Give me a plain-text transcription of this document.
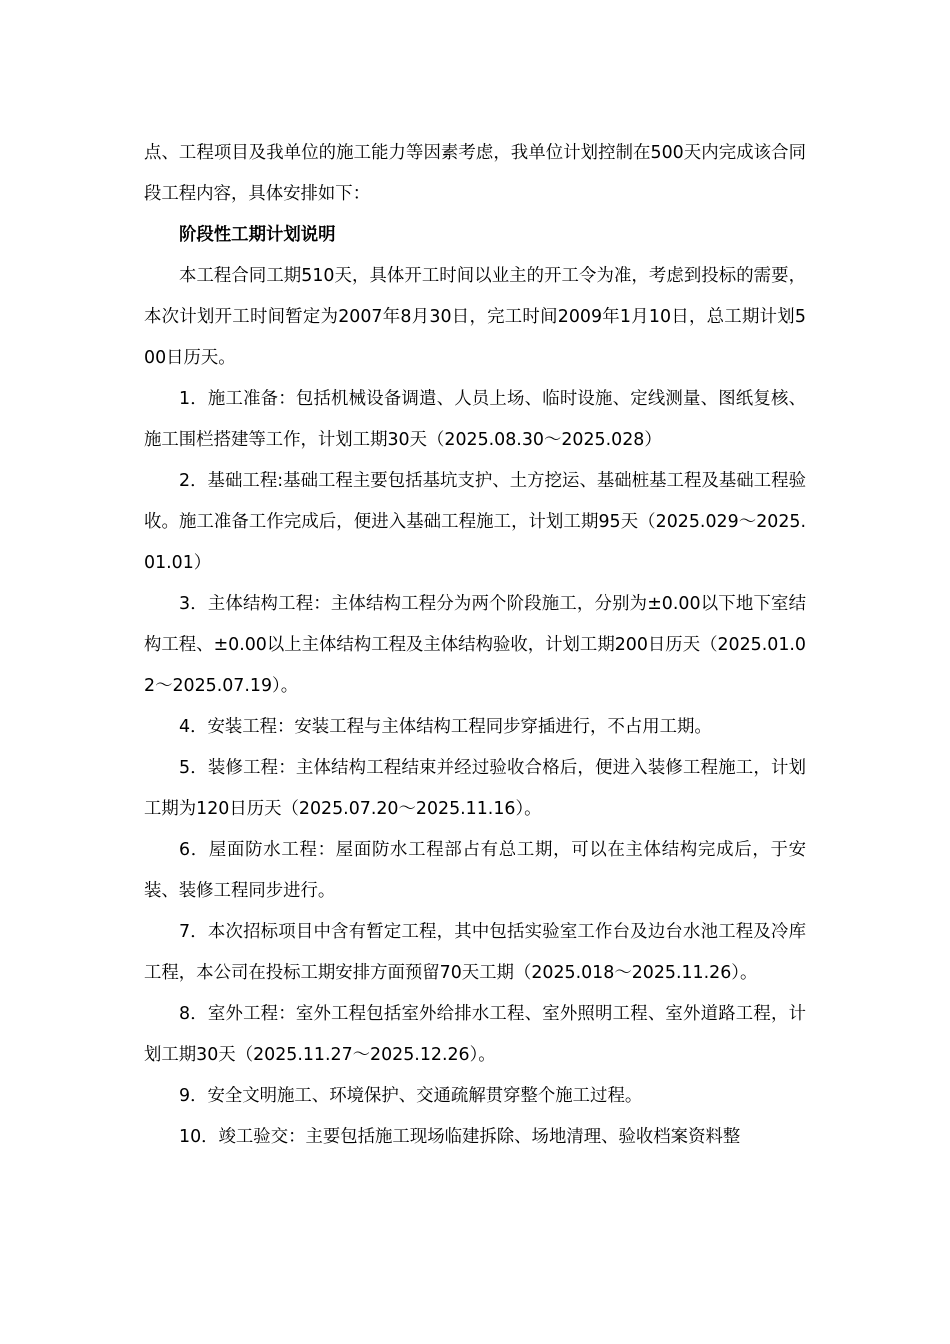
点、工程项目及我单位的施工能力等因素考虑，我单位计划控制在500天内完成该合同段工程内容，具体安排如下：

阶段性工期计划说明

本工程合同工期510天，具体开工时间以业主的开工令为准，考虑到投标的需要，本次计划开工时间暂定为2007年8月30日，完工时间2009年1月10日，总工期计划500日历天。

1．施工准备：包括机械设备调遣、人员上场、临时设施、定线测量、图纸复核、施工围栏搭建等工作，计划工期30天（2025.08.30～2025.028）

2．基础工程:基础工程主要包括基坑支护、土方挖运、基础桩基工程及基础工程验收。施工准备工作完成后，便进入基础工程施工，计划工期95天（2025.029～2025.01.01）

3．主体结构工程：主体结构工程分为两个阶段施工，分别为±0.00以下地下室结构工程、±0.00以上主体结构工程及主体结构验收，计划工期200日历天（2025.01.02～2025.07.19）。

4．安装工程：安装工程与主体结构工程同步穿插进行，不占用工期。

5．装修工程：主体结构工程结束并经过验收合格后，便进入装修工程施工，计划工期为120日历天（2025.07.20～2025.11.16）。

6．屋面防水工程：屋面防水工程部占有总工期，可以在主体结构完成后，于安装、装修工程同步进行。

7．本次招标项目中含有暂定工程，其中包括实验室工作台及边台水池工程及冷库工程，本公司在投标工期安排方面预留70天工期（2025.018～2025.11.26）。

8．室外工程：室外工程包括室外给排水工程、室外照明工程、室外道路工程，计划工期30天（2025.11.27～2025.12.26）。

9．安全文明施工、环境保护、交通疏解贯穿整个施工过程。

10．竣工验交：主要包括施工现场临建拆除、场地清理、验收档案资料整
